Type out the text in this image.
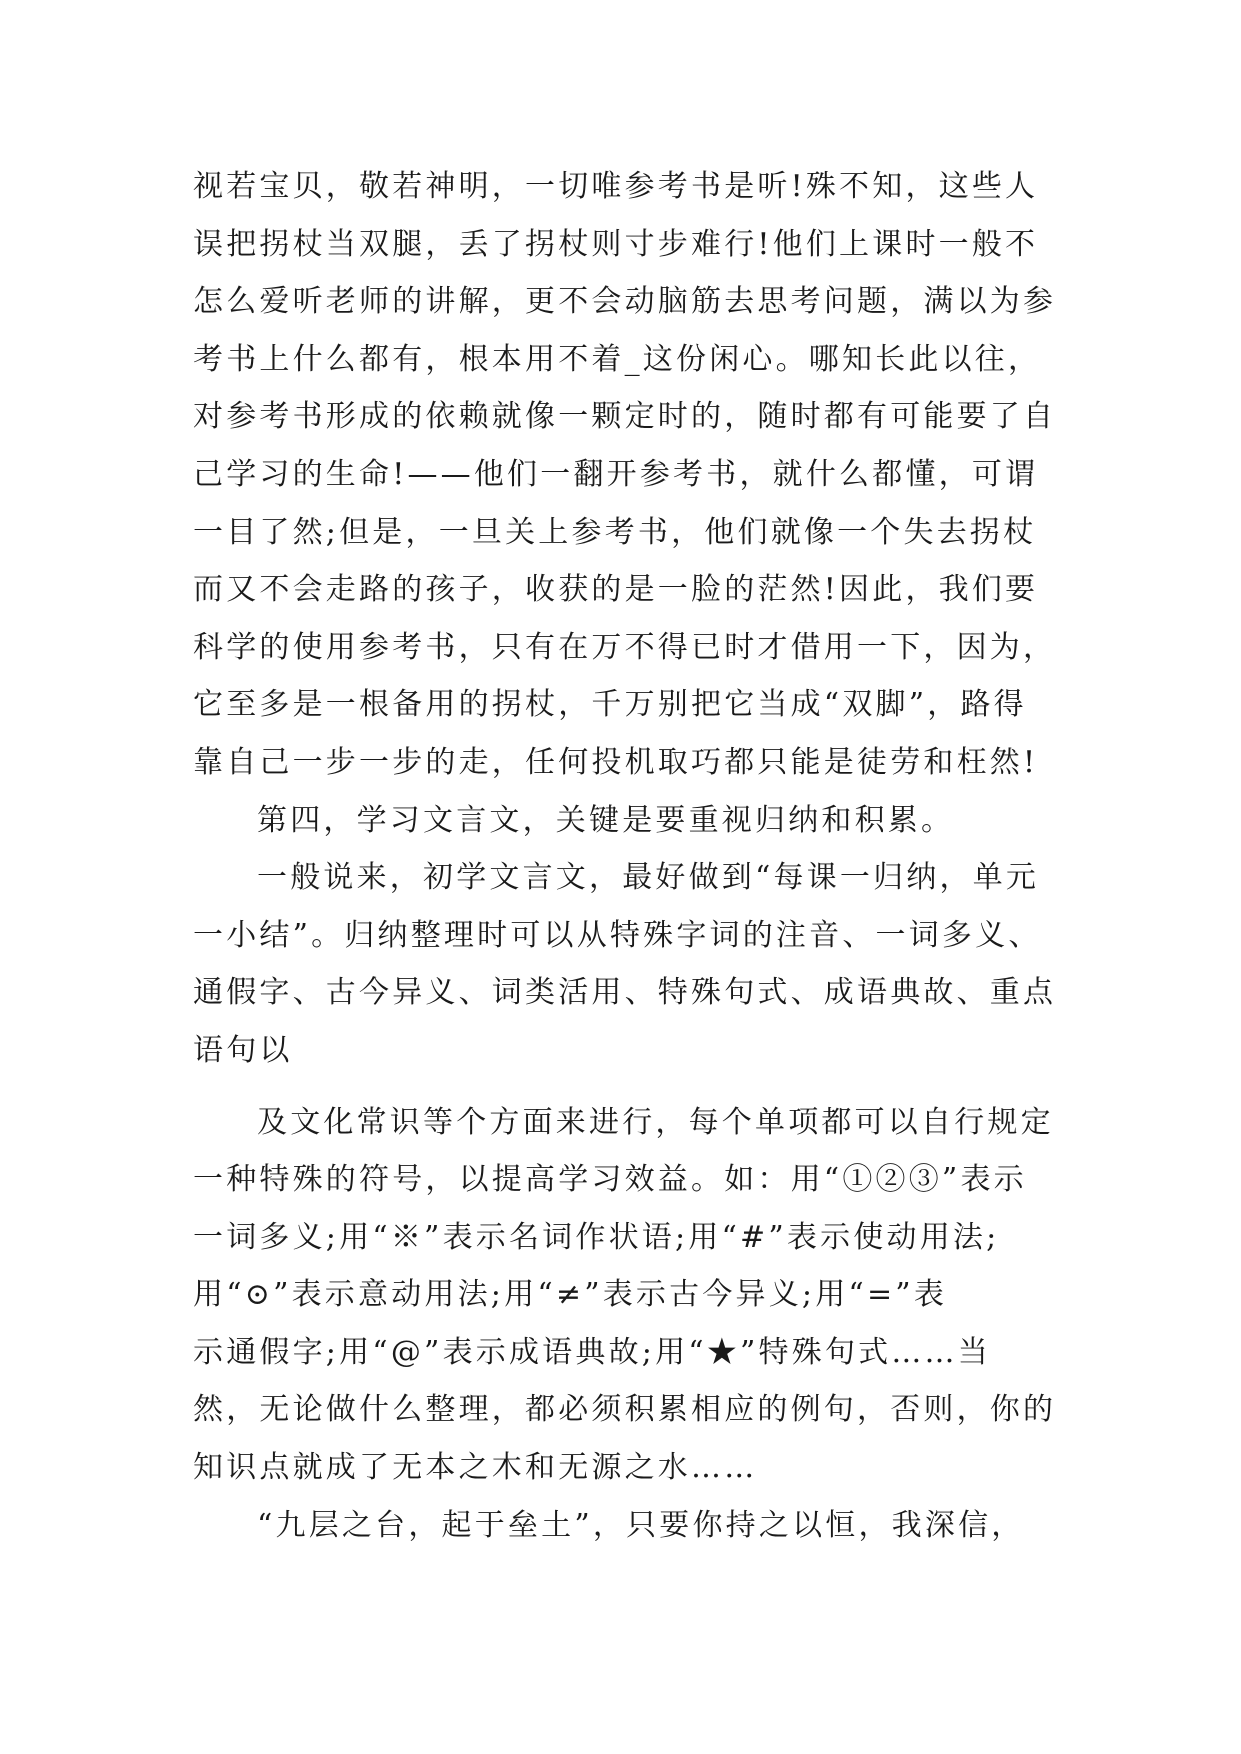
视若宝贝，敬若神明，一切唯参考书是听!殊不知，这些人
误把拐杖当双腿，丢了拐杖则寸步难行!他们上课时一般不
怎么爱听老师的讲解，更不会动脑筋去思考问题，满以为参
考书上什么都有，根本用不着_这份闲心。哪知长此以往，
对参考书形成的依赖就像一颗定时的，随时都有可能要了自
己学习的生命!——他们一翻开参考书，就什么都懂，可谓
一目了然;但是，一旦关上参考书，他们就像一个失去拐杖
而又不会走路的孩子，收获的是一脸的茫然!因此，我们要
科学的使用参考书，只有在万不得已时才借用一下，因为，
它至多是一根备用的拐杖，千万别把它当成“双脚”，路得
靠自己一步一步的走，任何投机取巧都只能是徒劳和枉然!
第四，学习文言文，关键是要重视归纳和积累。
一般说来，初学文言文，最好做到“每课一归纳，单元
一小结”。归纳整理时可以从特殊字词的注音、一词多义、
通假字、古今异义、词类活用、特殊句式、成语典故、重点
语句以
及文化常识等个方面来进行，每个单项都可以自行规定
一种特殊的符号，以提高学习效益。如：用“①②③”表示
一词多义;用“※”表示名词作状语;用“#”表示使动用法;
用“⊙”表示意动用法;用“≠”表示古今异义;用“=”表
示通假字;用“@”表示成语典故;用“★”特殊句式……当
然，无论做什么整理，都必须积累相应的例句，否则，你的
知识点就成了无本之木和无源之水……
“九层之台，起于垒土”，只要你持之以恒，我深信，
